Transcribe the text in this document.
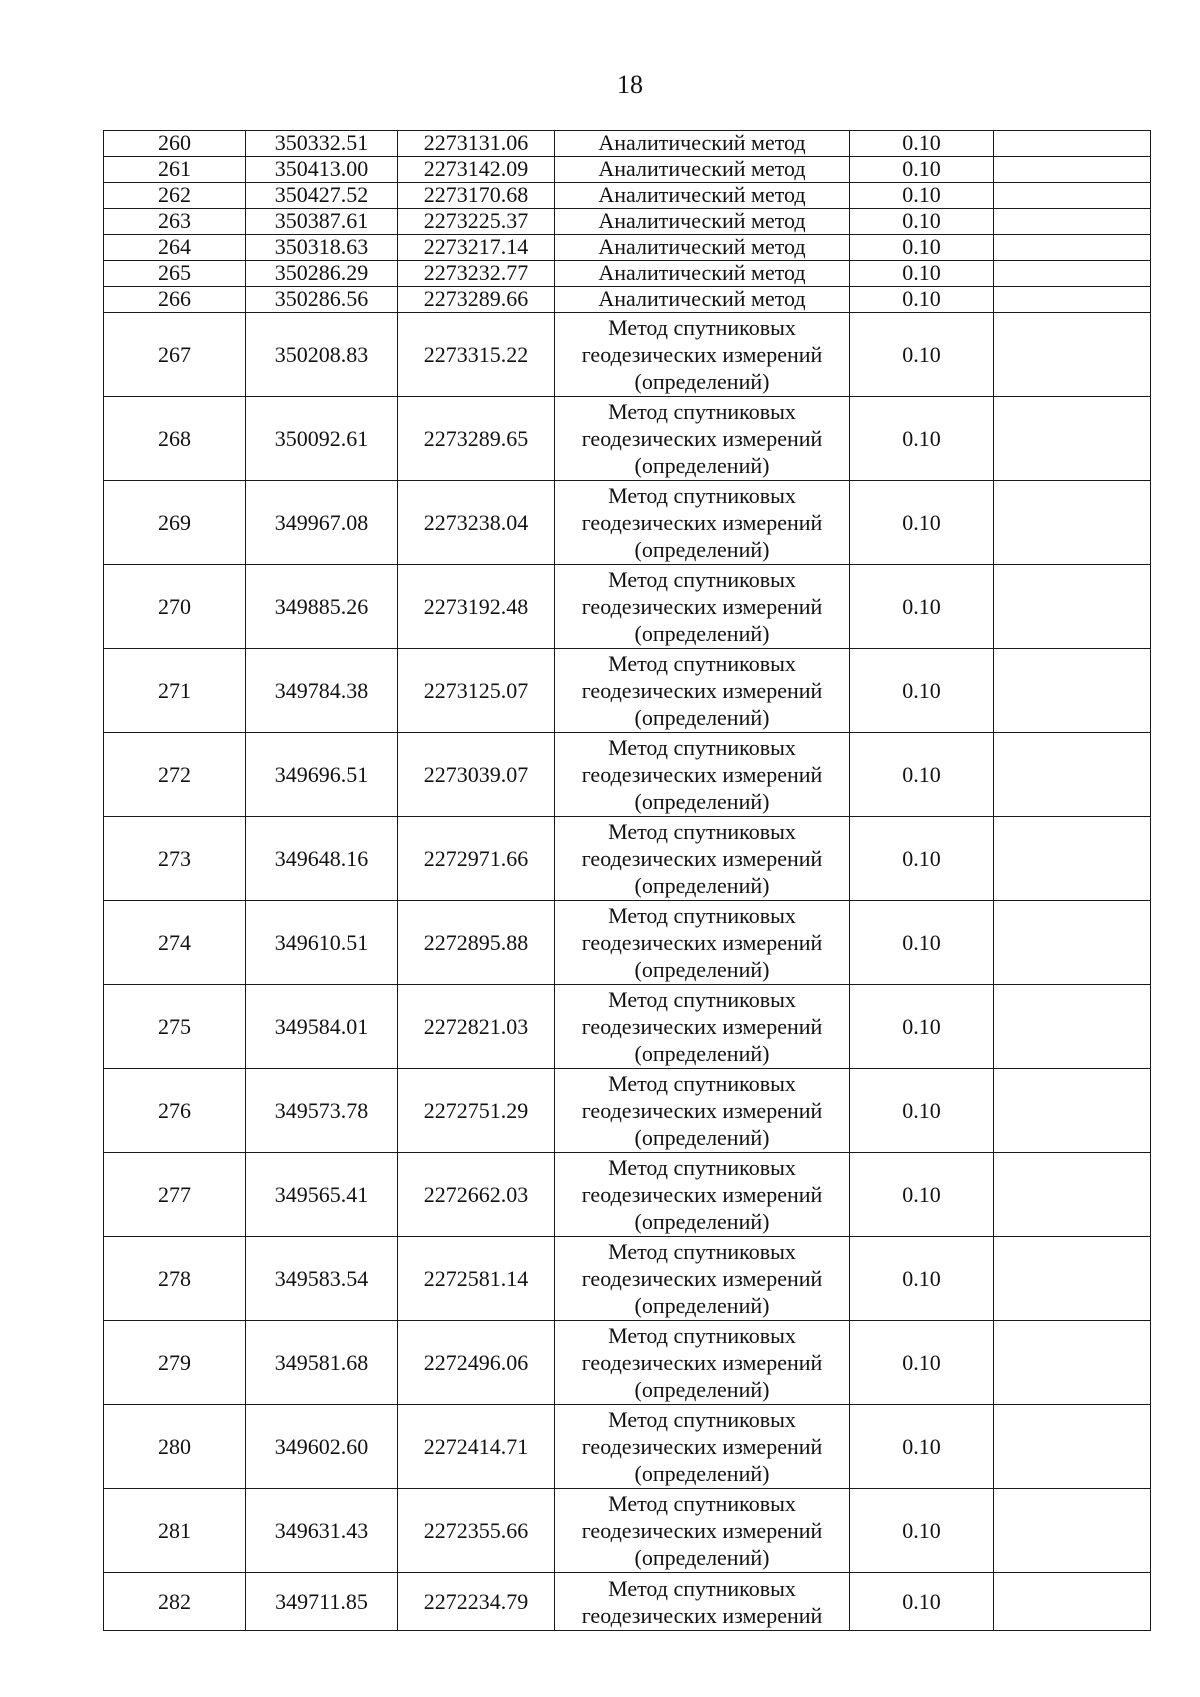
18
260	350332.51	2273131.06	Аналитический метод	0.10	
261	350413.00	2273142.09	Аналитический метод	0.10	
262	350427.52	2273170.68	Аналитический метод	0.10	
263	350387.61	2273225.37	Аналитический метод	0.10	
264	350318.63	2273217.14	Аналитический метод	0.10	
265	350286.29	2273232.77	Аналитический метод	0.10	
266	350286.56	2273289.66	Аналитический метод	0.10	
267	350208.83	2273315.22	Метод спутниковых
геодезических измерений
(определений)	0.10	
268	350092.61	2273289.65	Метод спутниковых
геодезических измерений
(определений)	0.10	
269	349967.08	2273238.04	Метод спутниковых
геодезических измерений
(определений)	0.10	
270	349885.26	2273192.48	Метод спутниковых
геодезических измерений
(определений)	0.10	
271	349784.38	2273125.07	Метод спутниковых
геодезических измерений
(определений)	0.10	
272	349696.51	2273039.07	Метод спутниковых
геодезических измерений
(определений)	0.10	
273	349648.16	2272971.66	Метод спутниковых
геодезических измерений
(определений)	0.10	
274	349610.51	2272895.88	Метод спутниковых
геодезических измерений
(определений)	0.10	
275	349584.01	2272821.03	Метод спутниковых
геодезических измерений
(определений)	0.10	
276	349573.78	2272751.29	Метод спутниковых
геодезических измерений
(определений)	0.10	
277	349565.41	2272662.03	Метод спутниковых
геодезических измерений
(определений)	0.10	
278	349583.54	2272581.14	Метод спутниковых
геодезических измерений
(определений)	0.10	
279	349581.68	2272496.06	Метод спутниковых
геодезических измерений
(определений)	0.10	
280	349602.60	2272414.71	Метод спутниковых
геодезических измерений
(определений)	0.10	
281	349631.43	2272355.66	Метод спутниковых
геодезических измерений
(определений)	0.10	
282	349711.85	2272234.79	Метод спутниковых
геодезических измерений	0.10	
